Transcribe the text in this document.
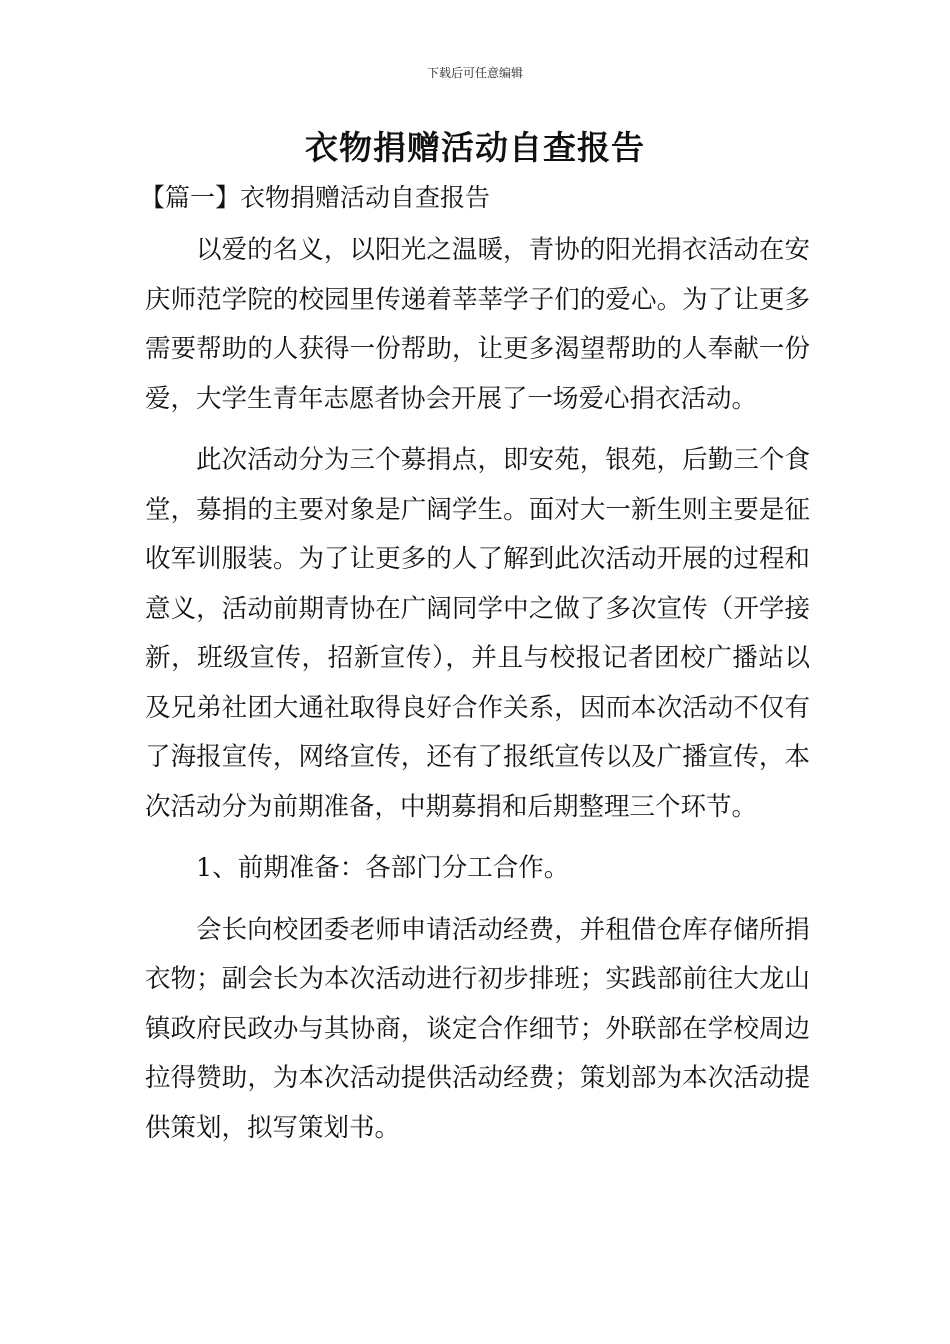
下载后可任意编辑
衣物捐赠活动自查报告
【篇一】衣物捐赠活动自查报告

以爱的名义，以阳光之温暖，青协的阳光捐衣活动在安庆师范学院的校园里传递着莘莘学子们的爱心。为了让更多需要帮助的人获得一份帮助，让更多渴望帮助的人奉献一份爱，大学生青年志愿者协会开展了一场爱心捐衣活动。

此次活动分为三个募捐点，即安苑，银苑，后勤三个食堂，募捐的主要对象是广阔学生。面对大一新生则主要是征收军训服装。为了让更多的人了解到此次活动开展的过程和意义，活动前期青协在广阔同学中之做了多次宣传（开学接新，班级宣传，招新宣传），并且与校报记者团校广播站以及兄弟社团大通社取得良好合作关系，因而本次活动不仅有了海报宣传，网络宣传，还有了报纸宣传以及广播宣传，本次活动分为前期准备，中期募捐和后期整理三个环节。

1、前期准备：各部门分工合作。

会长向校团委老师申请活动经费，并租借仓库存储所捐衣物；副会长为本次活动进行初步排班；实践部前往大龙山镇政府民政办与其协商，谈定合作细节；外联部在学校周边拉得赞助，为本次活动提供活动经费；策划部为本次活动提供策划，拟写策划书。
